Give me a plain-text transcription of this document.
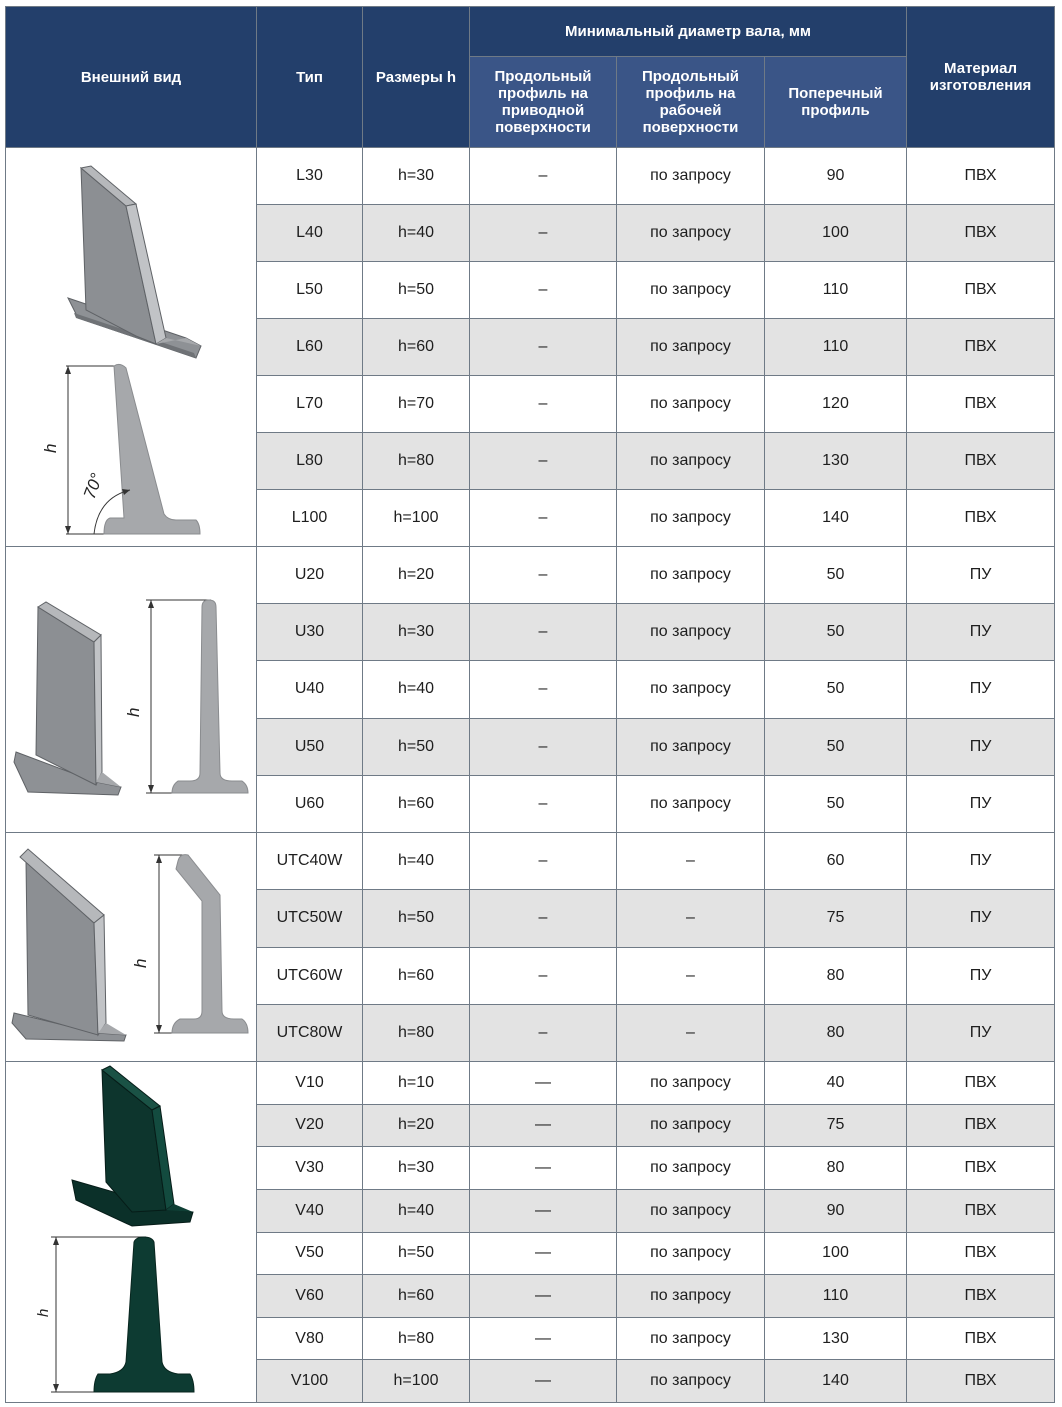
Внешний вид	Тип	Размеры h	Минимальный диаметр вала, мм			Материал изготовления
			Продольный профиль на приводной поверхности	Продольный профиль на рабочей поверхности	Поперечный профиль	

h
70°	L30	h=30	–	по запросу	90	ПВХ
	L40	h=40	–	по запросу	100	ПВХ
	L50	h=50	–	по запросу	110	ПВХ
	L60	h=60	–	по запросу	110	ПВХ
	L70	h=70	–	по запросу	120	ПВХ
	L80	h=80	–	по запросу	130	ПВХ
	L100	h=100	–	по запросу	140	ПВХ

h	U20	h=20	–	по запросу	50	ПУ
	U30	h=30	–	по запросу	50	ПУ
	U40	h=40	–	по запросу	50	ПУ
	U50	h=50	–	по запросу	50	ПУ
	U60	h=60	–	по запросу	50	ПУ

h	UTC40W	h=40	–	–	60	ПУ
	UTC50W	h=50	–	–	75	ПУ
	UTC60W	h=60	–	–	80	ПУ
	UTC80W	h=80	–	–	80	ПУ

h	V10	h=10	—	по запросу	40	ПВХ
	V20	h=20	—	по запросу	75	ПВХ
	V30	h=30	—	по запросу	80	ПВХ
	V40	h=40	—	по запросу	90	ПВХ
	V50	h=50	—	по запросу	100	ПВХ
	V60	h=60	—	по запросу	110	ПВХ
	V80	h=80	—	по запросу	130	ПВХ
	V100	h=100	—	по запросу	140	ПВХ
